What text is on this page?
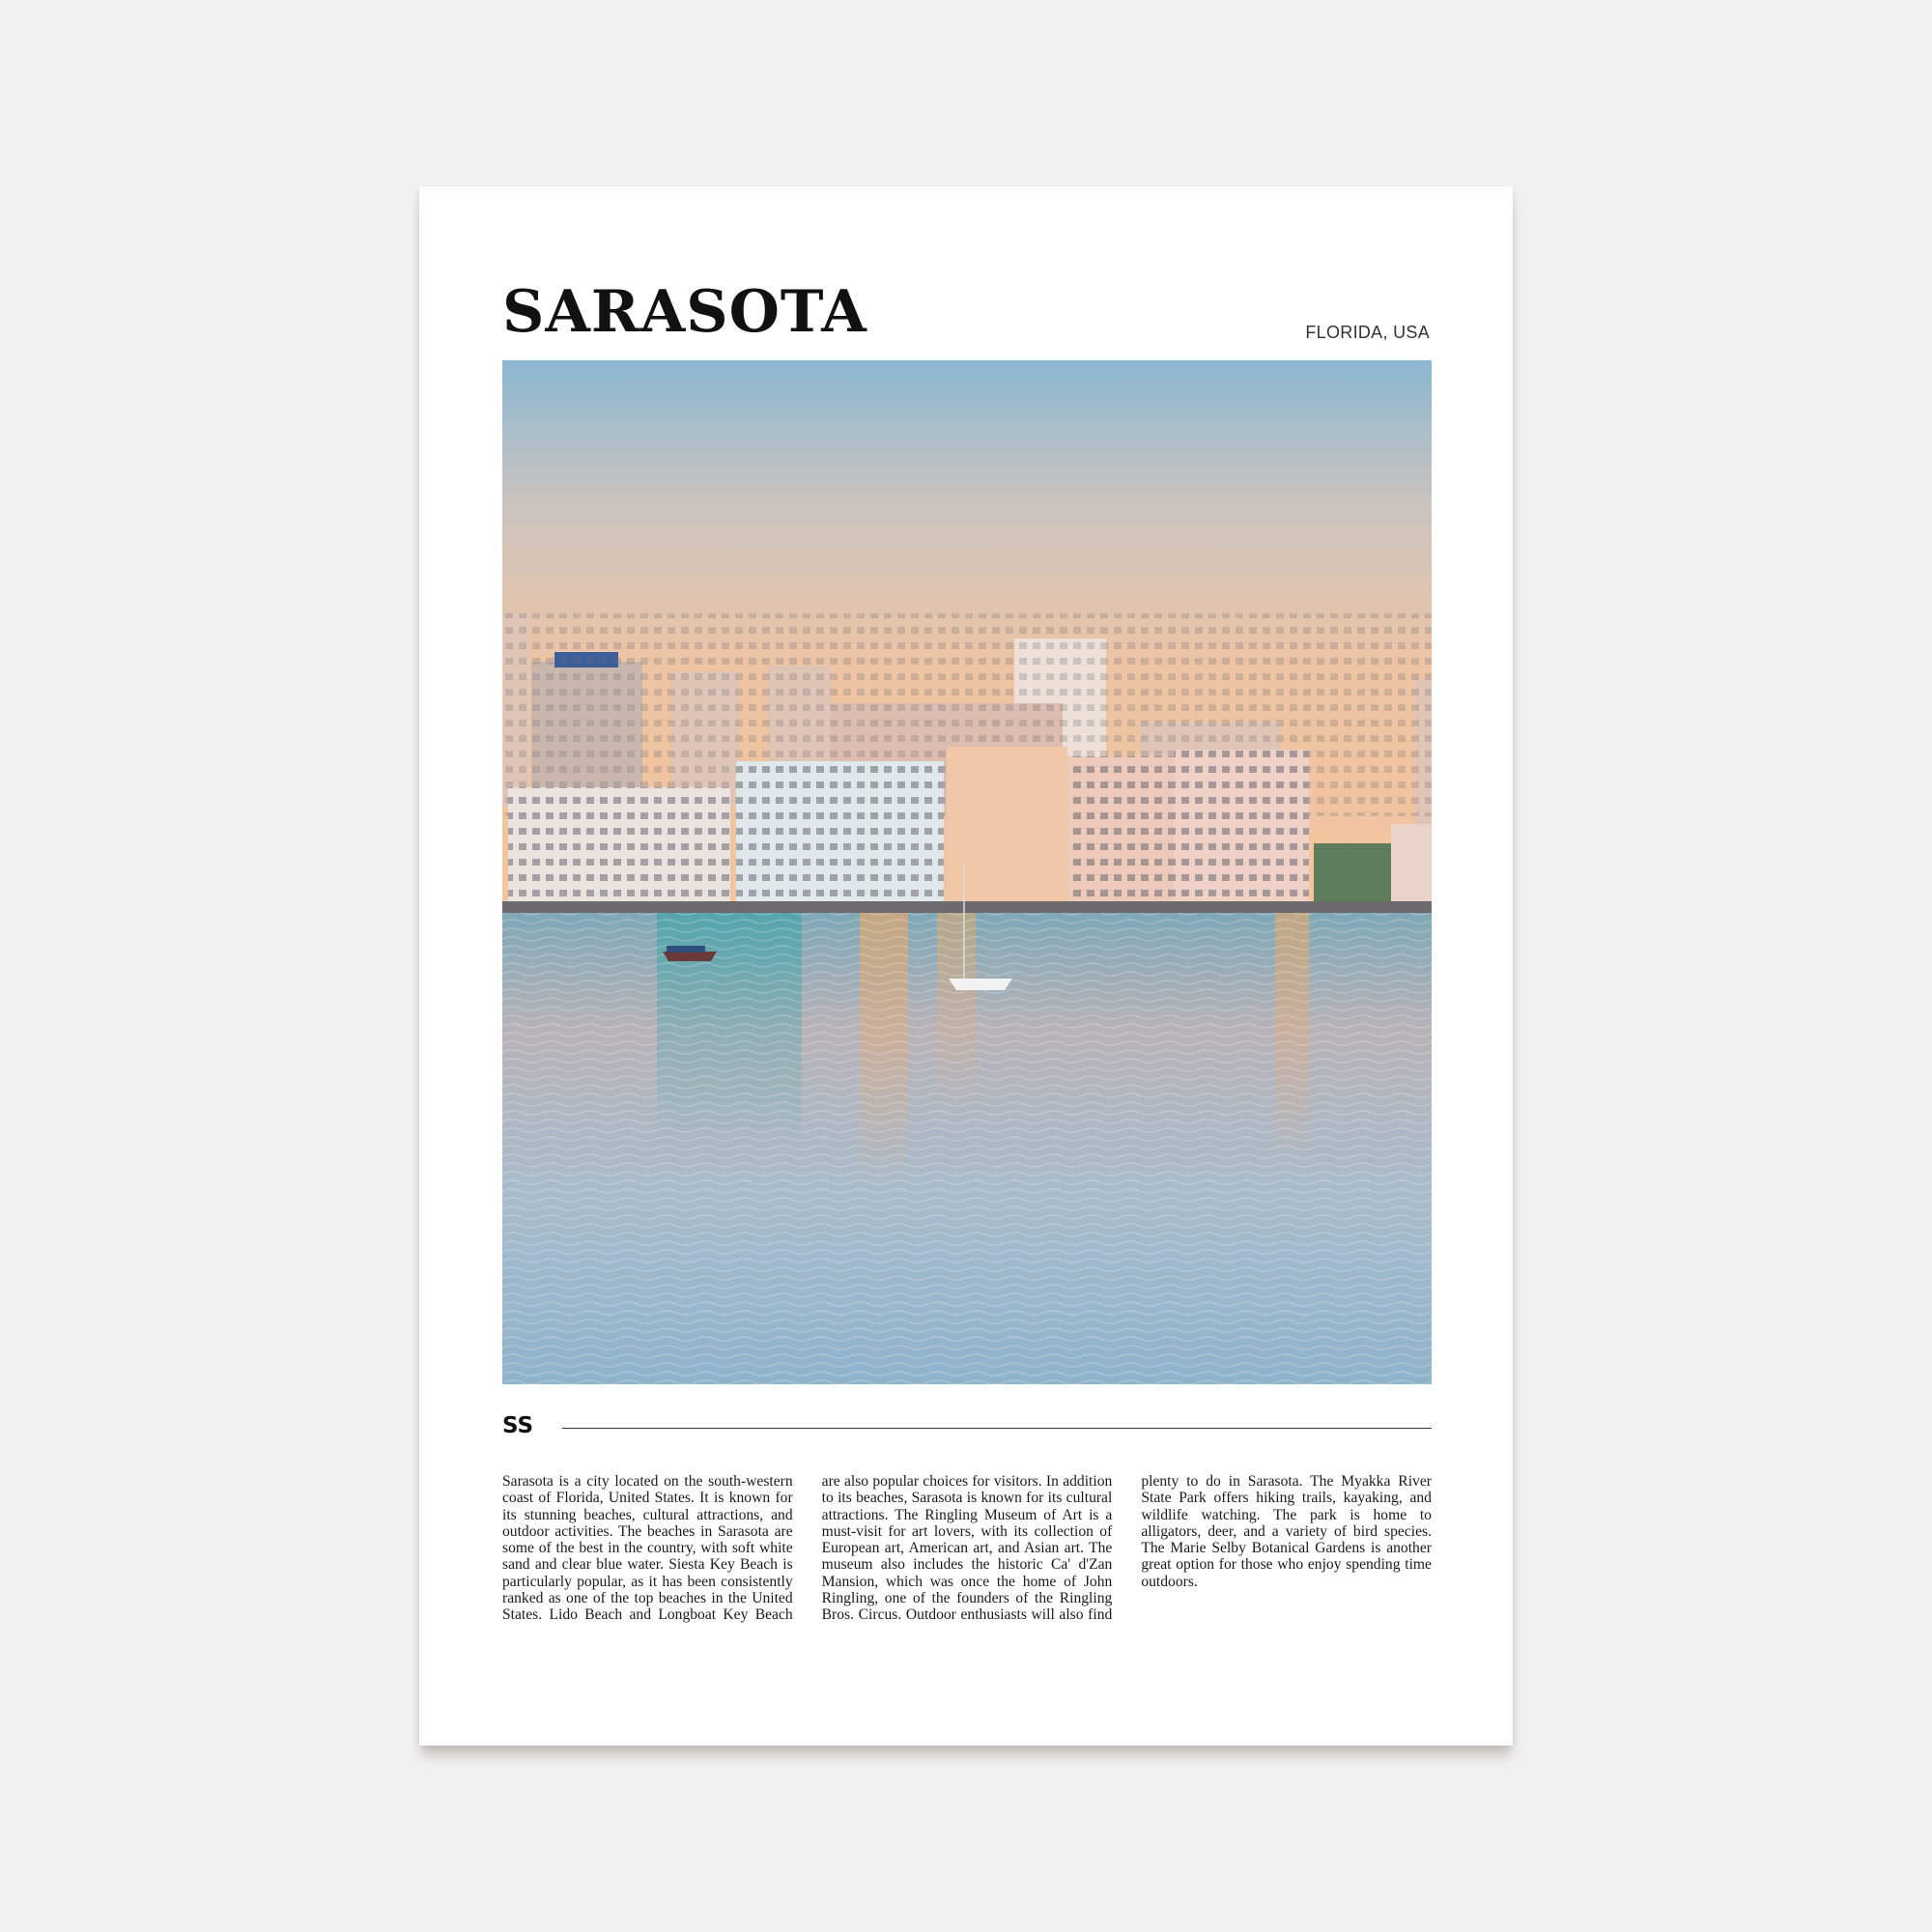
SARASOTA	FLORIDA, USA
SS
Sarasota is a city located on the south-western coast of Florida, United States. It is known for its stunning beaches, cultural attractions, and outdoor activities. The beaches in Sarasota are some of the best in the country, with soft white sand and clear blue water. Siesta Key Beach is particularly popular, as it has been consistently ranked as one of the top beaches in the United States. Lido Beach and Longboat Key Beach are also popular choices for visitors. In addition to its beaches, Sarasota is known for its cultural attractions. The Ringling Museum of Art is a must-visit for art lovers, with its collection of European art, American art, and Asian art. The museum also includes the historic Ca' d'Zan Mansion, which was once the home of John Ringling, one of the founders of the Ringling Bros. Circus. Outdoor enthusiasts will also find plenty to do in Sarasota. The Myakka River State Park offers hiking trails, kayaking, and wildlife watching. The park is home to alligators, deer, and a variety of bird species. The Marie Selby Botanical Gardens is another great option for those who enjoy spending time outdoors.
